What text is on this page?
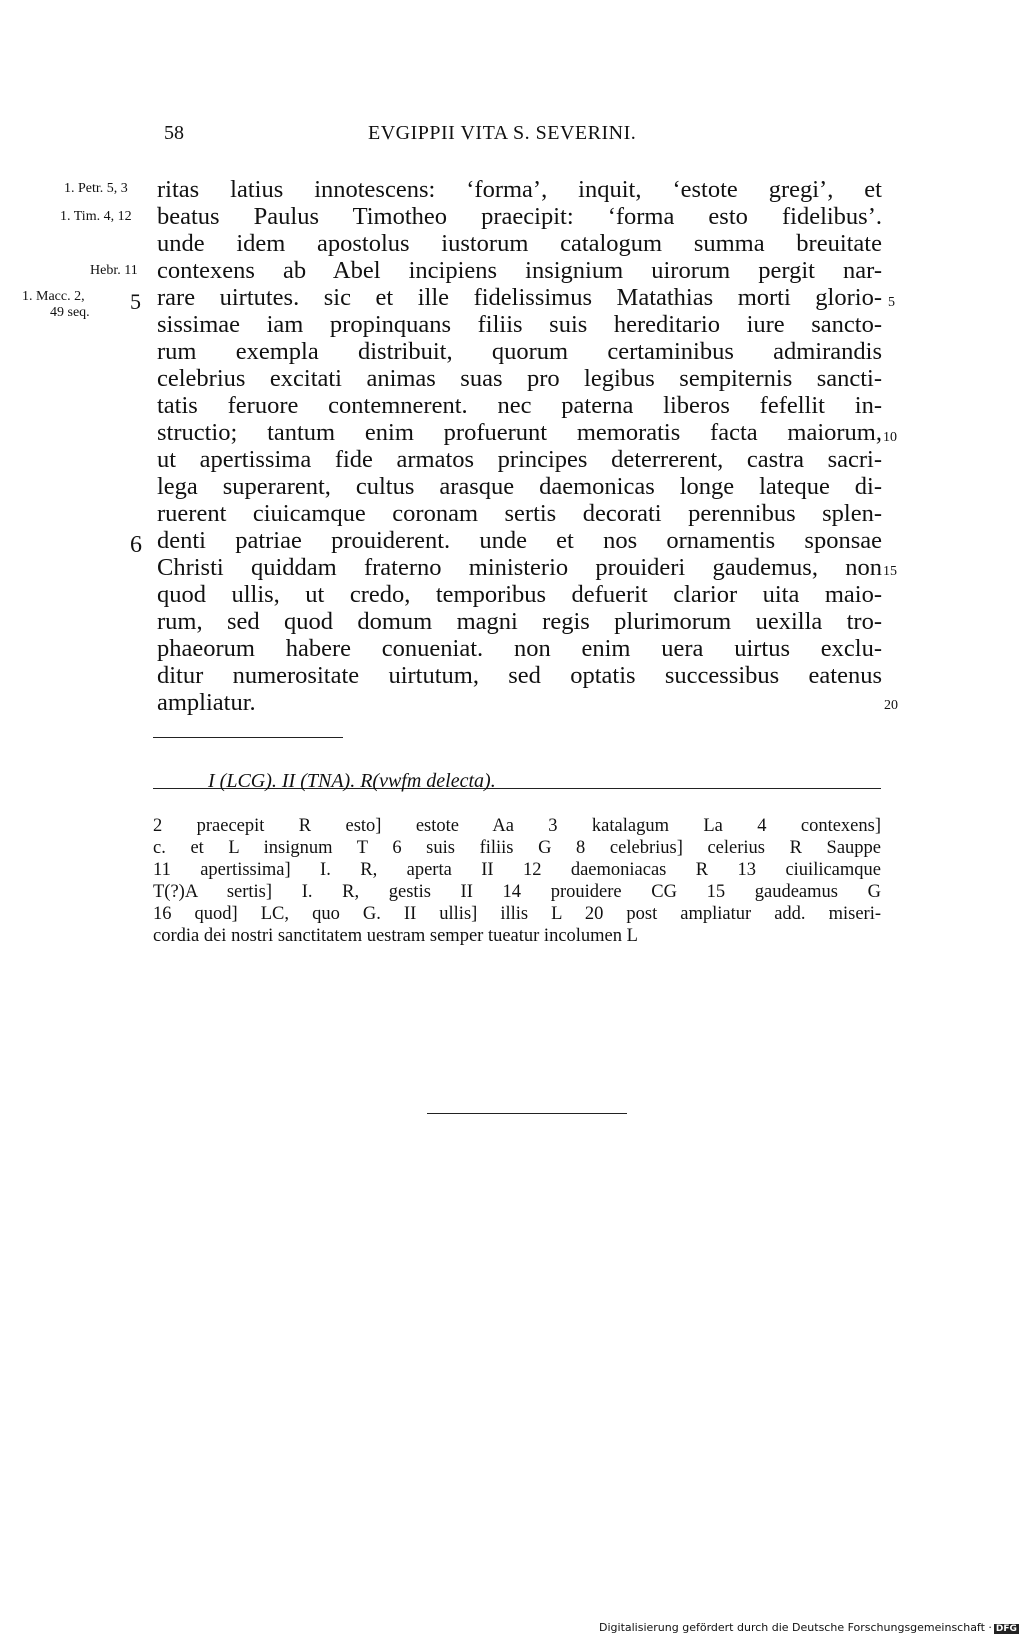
58	EVGIPPII VITA S. SEVERINI.
1. Petr. 5, 3
1. Tim. 4, 12
Hebr. 11
1. Macc. 2,
49 seq. 5
6
5
10
15
20
ritas latius innotescens: ‘forma’, inquit, ‘estote gregi’, et
beatus Paulus Timotheo praecipit: ‘forma esto fidelibus’.
unde idem apostolus iustorum catalogum summa breuitate
contexens ab Abel incipiens insignium uirorum pergit nar-
rare uirtutes. sic et ille fidelissimus Matathias morti glorio-
sissimae iam propinquans filiis suis hereditario iure sancto-
rum exempla distribuit, quorum certaminibus admirandis
celebrius excitati animas suas pro legibus sempiternis sancti-
tatis feruore contemnerent. nec paterna liberos fefellit in-
structio; tantum enim profuerunt memoratis facta maiorum,
ut apertissima fide armatos principes deterrerent, castra sacri-
lega superarent, cultus arasque daemonicas longe lateque di-
ruerent ciuicamque coronam sertis decorati perennibus splen-
denti patriae prouiderent. unde et nos ornamentis sponsae
Christi quiddam fraterno ministerio prouideri gaudemus, non
quod ullis, ut credo, temporibus defuerit clarior uita maio-
rum, sed quod domum magni regis plurimorum uexilla tro-
phaeorum habere conueniat. non enim uera uirtus exclu-
ditur numerositate uirtutum, sed optatis successibus eatenus
ampliatur.
I (LCG). II (TNA). R(vwfm delecta).
2 praecepit R esto] estote Aa 3 katalagum La 4 contexens]
c. et L insignum T 6 suis filiis G 8 celebrius] celerius R Sauppe
11 apertissima] I. R, aperta II 12 daemoniacas R 13 ciuilicamque
T(?)A sertis] I. R, gestis II 14 prouidere CG 15 gaudeamus G
16 quod] LC, quo G. II ullis] illis L 20 post ampliatur add. miseri-
cordia dei nostri sanctitatem uestram semper tueatur incolumen L
Digitalisierung gefördert durch die Deutsche Forschungsgemeinschaft · DFG
